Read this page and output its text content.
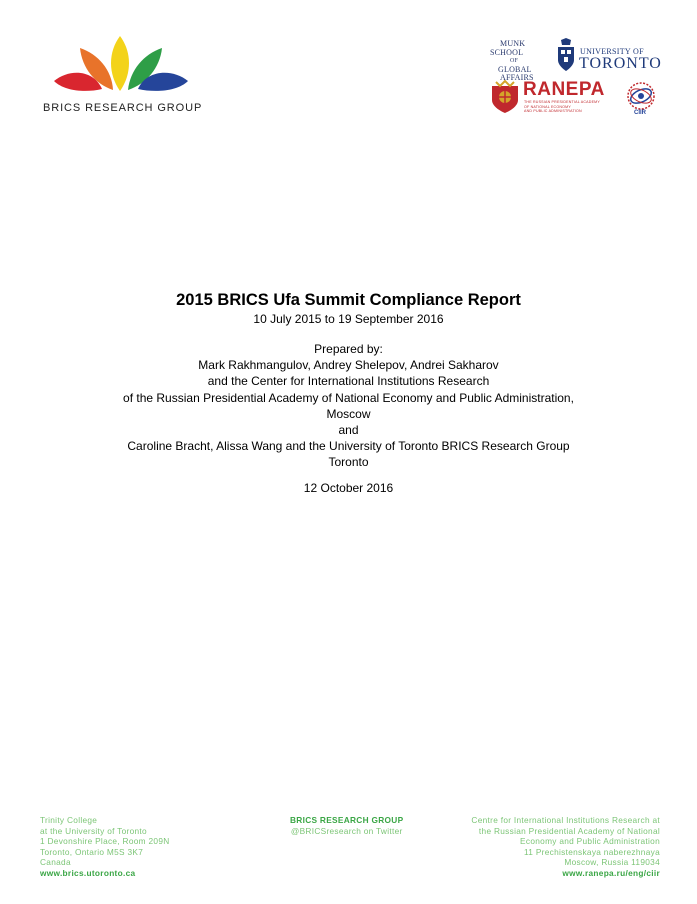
BRICS RESEARCH GROUP
MUNK
SCHOOL
OF
GLOBAL
AFFAIRS
UNIVERSITY OF
TORONTO
RANEPA
THE RUSSIAN PRESIDENTIAL ACADEMY
OF NATIONAL ECONOMY
AND PUBLIC ADMINISTRATION	CIIR
2015 BRICS Ufa Summit Compliance Report
10 July 2015 to 19 September 2016
Prepared by:
Mark Rakhmangulov, Andrey Shelepov, Andrei Sakharov
and the Center for International Institutions Research
of the Russian Presidential Academy of National Economy and Public Administration,
Moscow
and
Caroline Bracht, Alissa Wang and the University of Toronto BRICS Research Group
Toronto
12 October 2016
Trinity College
at the University of Toronto
1 Devonshire Place, Room 209N
Toronto, Ontario M5S 3K7
Canada
www.brics.utoronto.ca
BRICS RESEARCH GROUP
@BRICSresearch on Twitter
Centre for International Institutions Research at
the Russian Presidential Academy of National
Economy and Public Administration
11 Prechistenskaya naberezhnaya
Moscow, Russia 119034
www.ranepa.ru/eng/ciir
